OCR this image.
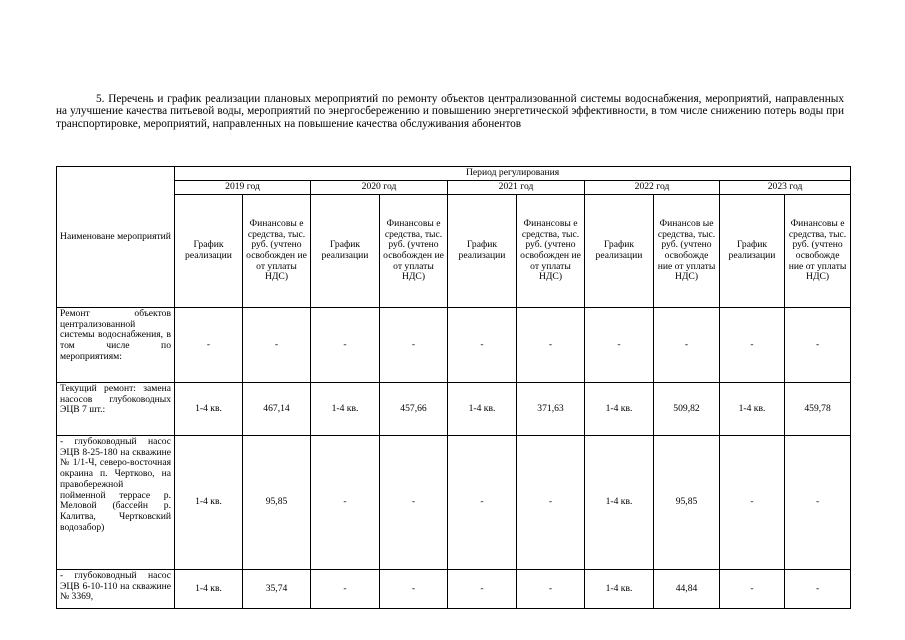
5. Перечень и график реализации плановых мероприятий по ремонту объектов централизованной системы водоснабжения, мероприятий, направленных на улучшение качества питьевой воды, мероприятий по энергосбережению и повышению энергетической эффективности, в том числе снижению потерь воды при транспортировке, мероприятий, направленных на повышение качества обслуживания абонентов

Наименоване мероприятий	Период регулирования									
	2019 год		2020 год		2021 год		2022 год		2023 год	
	График реализации	Финансовы е средства, тыс. руб. (учтено освобожден ие от уплаты НДС)	График реализации	Финансовы е средства, тыс. руб. (учтено освобожден ие от уплаты НДС)	График реализации	Финансовы е средства, тыс. руб. (учтено освобожден ие от уплаты НДС)	График реализации	Финансов ые средства, тыс. руб. (учтено освобожде ние от уплаты НДС)	График реализации	Финансовы е средства, тыс. руб. (учтено освобожде ние от уплаты НДС)
Ремонт объектов централизованной системы водоснабжения, в том числе по мероприятиям:	-	-	-	-	-	-	-	-	-	-
Текущий ремонт: замена насосов глубоководных ЭЦВ 7 шт.:	1-4 кв.	467,14	1-4 кв.	457,66	1-4 кв.	371,63	1-4 кв.	509,82	1-4 кв.	459,78
- глубоководный насос ЭЦВ 8-25-180 на скважине № 1/1-Ч, северо-восточная окраина п. Чертково, на правобережной пойменной террасе р. Меловой (бассейн р. Калитва, Чертковский водозабор)	1-4 кв.	95,85	-	-	-	-	1-4 кв.	95,85	-	-
- глубоководный насос ЭЦВ 6-10-110 на скважине № 3369,	1-4 кв.	35,74	-	-	-	-	1-4 кв.	44,84	-	-
